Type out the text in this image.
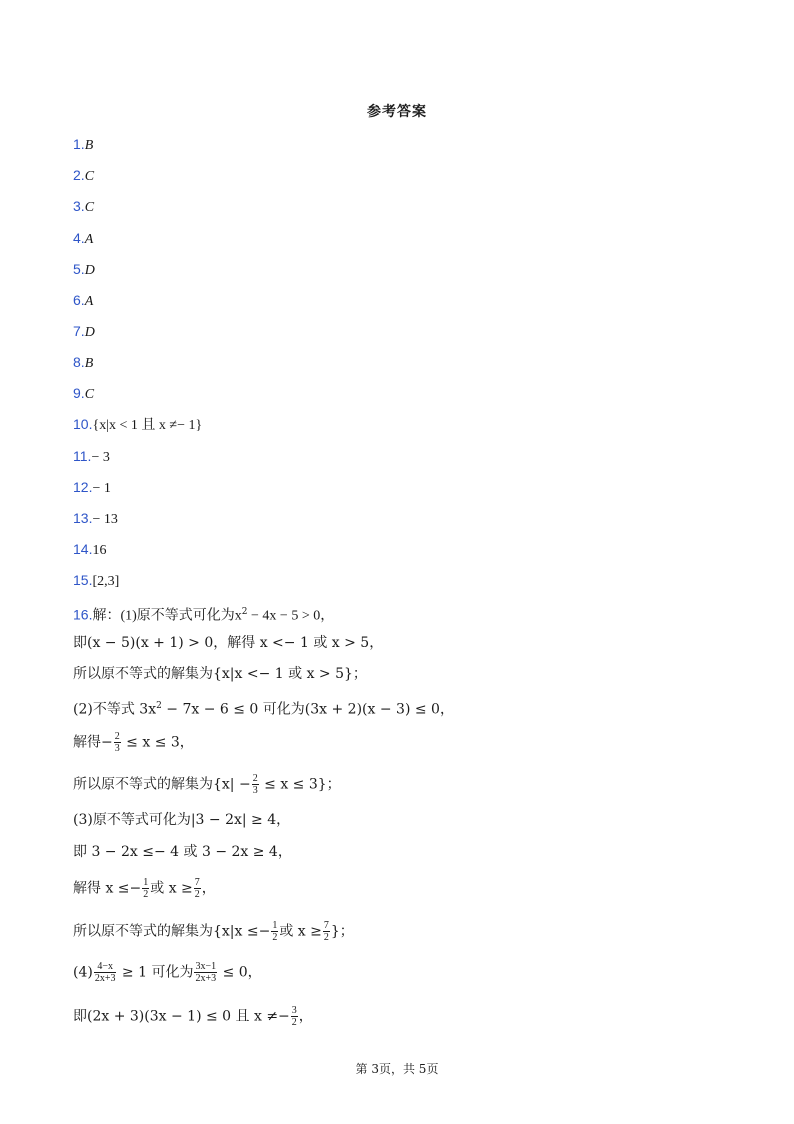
参考答案
1.B
2.C
3.C
4.A
5.D
6.A
7.D
8.B
9.C
10.{x|x < 1 且 x ≠− 1}
11.− 3
12.− 1
13.− 13
14.16
15.[2,3]
16.解：(1)原不等式可化为$x^2 - 4x - 5 > 0$，
即(x − 5)(x + 1) > 0，解得 x <− 1 或 x > 5，
所以原不等式的解集为{x|x <− 1 或 x > 5}；
(2)不等式 $3x^2 - 7x - 6 \le 0$ 可化为(3x + 2)(x − 3) ≤ 0，
解得− $\frac{2}{3} \le x \le 3$，
所以原不等式的解集为$\{x| - \frac{2}{3} \le x \le 3\}$；
(3)原不等式可化为|3 − 2x| ≥ 4，
即 3 − 2x ≤− 4 或 3 − 2x ≥ 4，
解得 $x \le- \frac{1}{2}$ 或 $x \ge \frac{7}{2}$ ，
所以原不等式的解集为{$x|x \le- \frac{1}{2}$ 或 $x \ge \frac{7}{2}$ }；
$(4) \frac{4-x}{2x+3} \ge 1$ 可化为 $\frac{3x-1}{2x+3} \le 0$，
即(2x + 3)(3x − 1) ≤ 0 且 $x \ne- \frac{3}{2}$ ，
第 3页，共 5页
